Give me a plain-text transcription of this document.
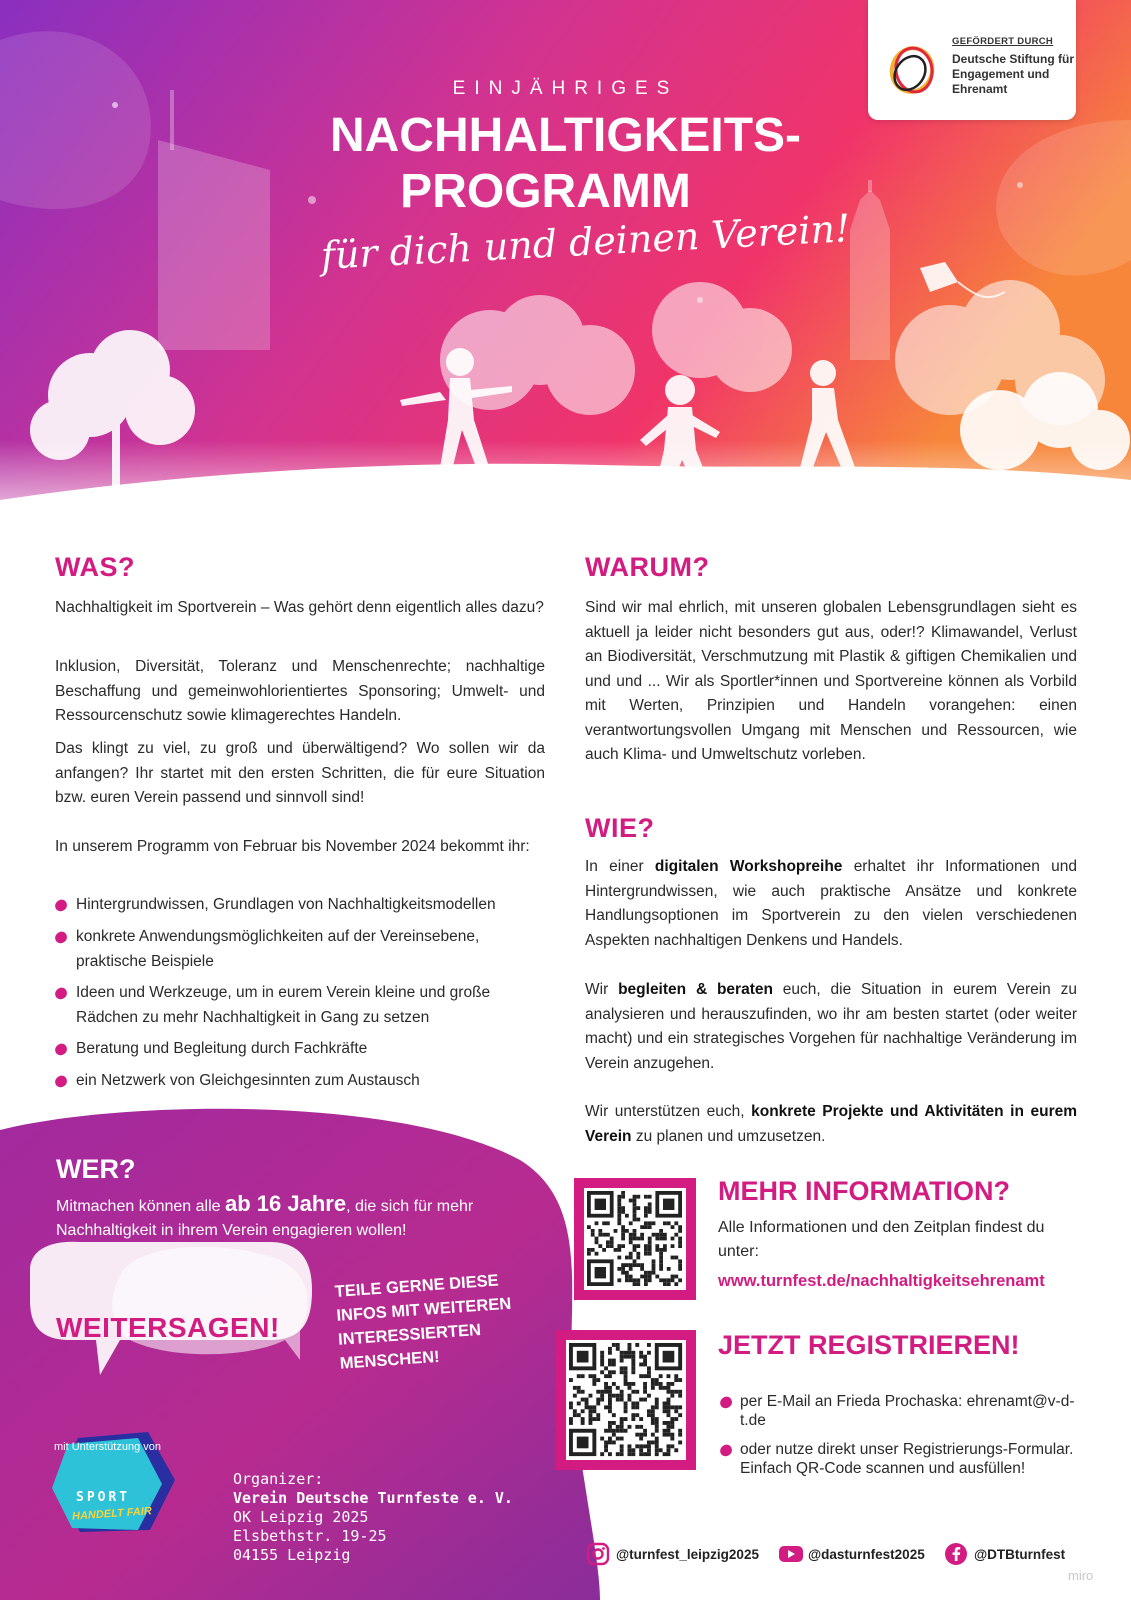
EINJÄHRIGES
NACHHALTIGKEITS-
PROGRAMM
für dich und deinen Verein!
GEFÖRDERT DURCH
Deutsche Stiftung für Engagement und Ehrenamt
WAS?
Nachhaltigkeit im Sportverein – Was gehört denn eigentlich alles dazu?
Inklusion, Diversität, Toleranz und Menschenrechte; nachhaltige Beschaffung und gemeinwohlorientiertes Sponsoring; Umwelt- und Ressourcenschutz sowie klimagerechtes Handeln.
Das klingt zu viel, zu groß und überwältigend? Wo sollen wir da anfangen? Ihr startet mit den ersten Schritten, die für eure Situation bzw. euren Verein passend und sinnvoll sind!
In unserem Programm von Februar bis November 2024 bekommt ihr:
Hintergrundwissen, Grundlagen von Nachhaltigkeitsmodellen
konkrete Anwendungsmöglichkeiten auf der Vereinsebene, praktische Beispiele
Ideen und Werkzeuge, um in eurem Verein kleine und große Rädchen zu mehr Nachhaltigkeit in Gang zu setzen
Beratung und Begleitung durch Fachkräfte
ein Netzwerk von Gleichgesinnten zum Austausch
WARUM?
Sind wir mal ehrlich, mit unseren globalen Lebensgrundlagen sieht es aktuell ja leider nicht besonders gut aus, oder!? Klimawandel, Verlust an Biodiversität, Verschmutzung mit Plastik & giftigen Chemikalien und und und ... Wir als Sportler*innen und Sportvereine können als Vorbild mit Werten, Prinzipien und Handeln vorangehen: einen verantwortungsvollen Umgang mit Menschen und Ressourcen, wie auch Klima- und Umweltschutz vorleben.
WIE?
In einer digitalen Workshopreihe erhaltet ihr Informationen und Hintergrundwissen, wie auch praktische Ansätze und konkrete Handlungsoptionen im Sportverein zu den vielen verschiedenen Aspekten nachhaltigen Denkens und Handels.
Wir begleiten & beraten euch, die Situation in eurem Verein zu analysieren und herauszufinden, wo ihr am besten startet (oder weiter macht) und ein strategisches Vorgehen für nachhaltige Veränderung im Verein anzugehen.
Wir unterstützen euch, konkrete Projekte und Aktivitäten in eurem Verein zu planen und umzusetzen.
WER?
Mitmachen können alle ab 16 Jahre, die sich für mehr Nachhaltigkeit in ihrem Verein engagieren wollen!
WEITERSAGEN!
TEILE GERNE DIESE INFOS MIT WEITEREN INTERESSIERTEN MENSCHEN!
mit Unterstützung von
SPORT
HANDELT FAIR
Organizer:
Verein Deutsche Turnfeste e. V.
OK Leipzig 2025
Elsbethstr. 19-25
04155 Leipzig
MEHR INFORMATION?
Alle Informationen und den Zeitplan findest du unter:
www.turnfest.de/nachhaltigkeitsehrenamt
JETZT REGISTRIEREN!
per E-Mail an Frieda Prochaska: ehrenamt@v-d-t.de
oder nutze direkt unser Registrierungs-Formular. Einfach QR-Code scannen und ausfüllen!
@turnfest_leipzig2025	@dasturnfest2025	@DTBturnfest
miro
